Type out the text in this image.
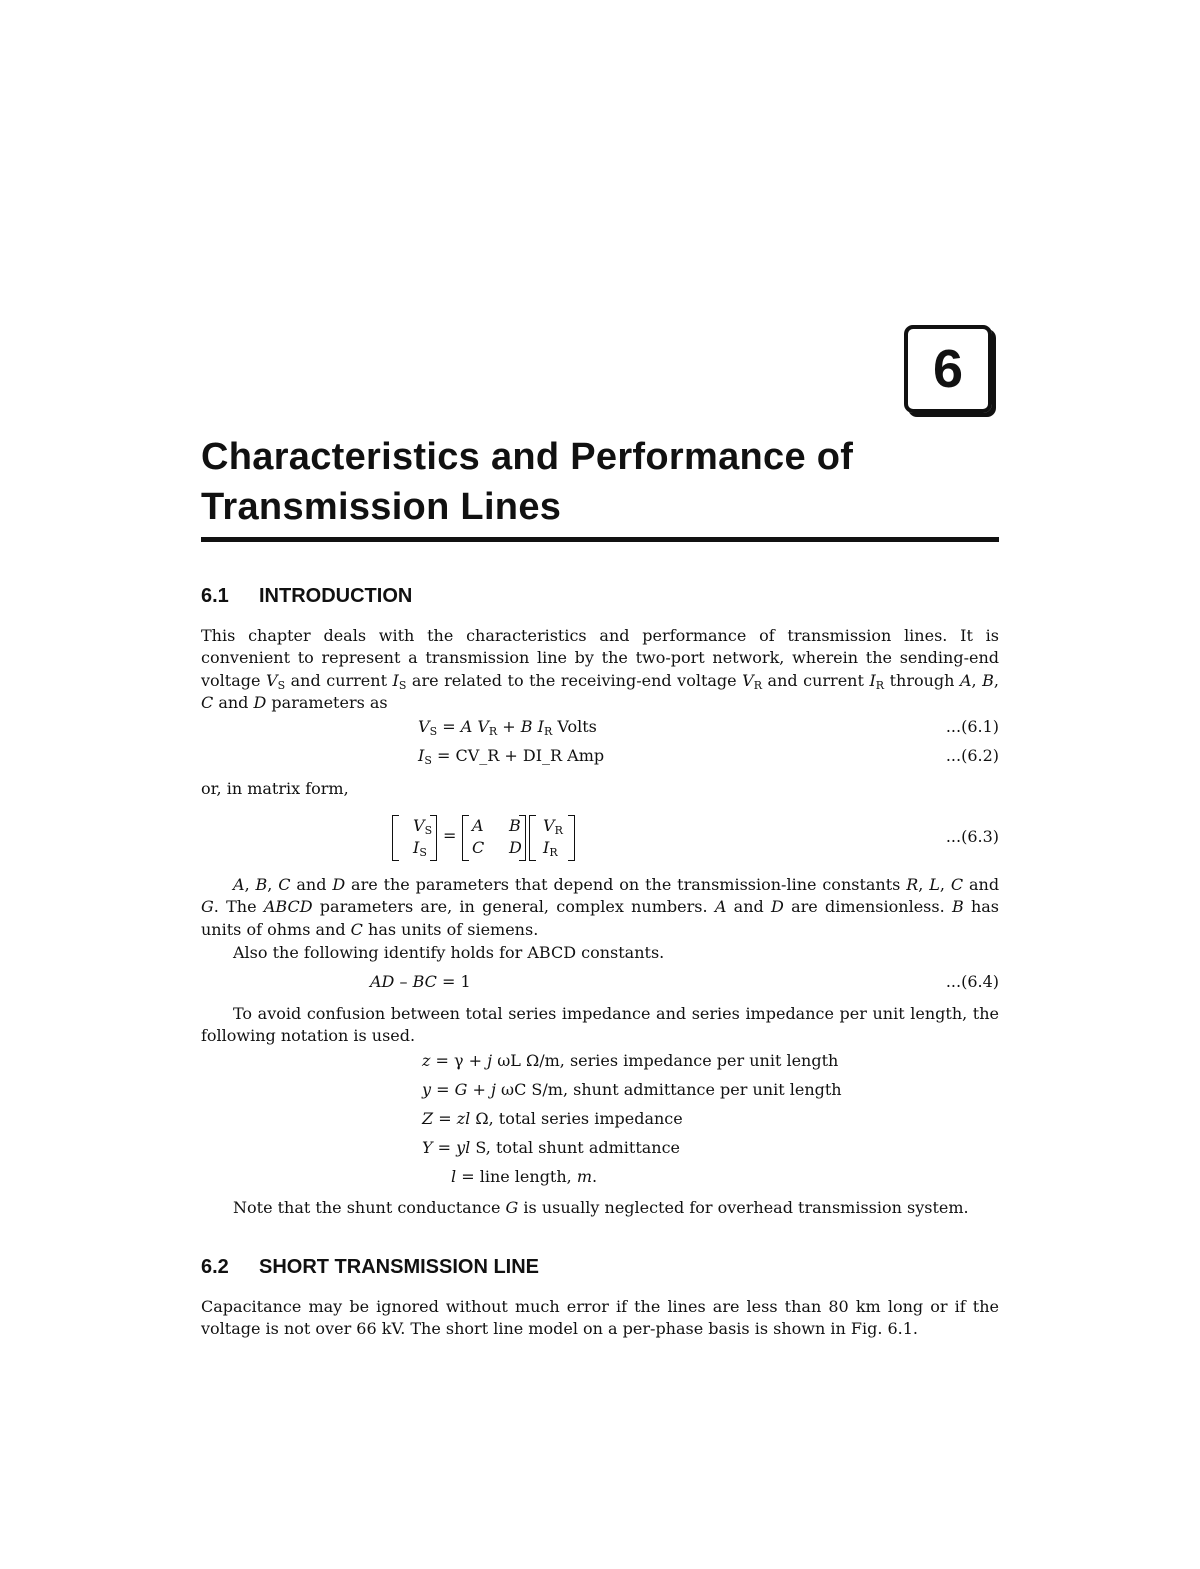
6
Characteristics and Performance of
Transmission Lines
6.1 INTRODUCTION
This chapter deals with the characteristics and performance of transmission lines. It is convenient to represent a transmission line by the two-port network, wherein the sending-end voltage $V_S$ and current $I_S$ are related to the receiving-end voltage $V_R$ and current $I_R$ through A, B, C and D parameters as
$V_S = A$ $V_R + B$ $I_R$ Volts	...(6.1)
$I_S$ = CV_R + DI_R Amp	...(6.2)
or, in matrix form,
$V_S$
$I_S$
=
A B
C D
$V_R$
$I_R$
...(6.3)
A, B, C and D are the parameters that depend on the transmission-line constants R, L, C and G. The ABCD parameters are, in general, complex numbers. A and D are dimensionless. B has units of ohms and C has units of siemens.
Also the following identify holds for ABCD constants.
AD – BC = 1	...(6.4)
To avoid confusion between total series impedance and series impedance per unit length, the following notation is used.
z = γ + j ωL Ω/m, series impedance per unit length
y = G + j ωC S/m, shunt admittance per unit length
Z = zl Ω, total series impedance
Y = yl S, total shunt admittance
l = line length, m.
Note that the shunt conductance G is usually neglected for overhead transmission system.
6.2 SHORT TRANSMISSION LINE
Capacitance may be ignored without much error if the lines are less than 80 km long or if the voltage is not over 66 kV. The short line model on a per-phase basis is shown in Fig. 6.1.
